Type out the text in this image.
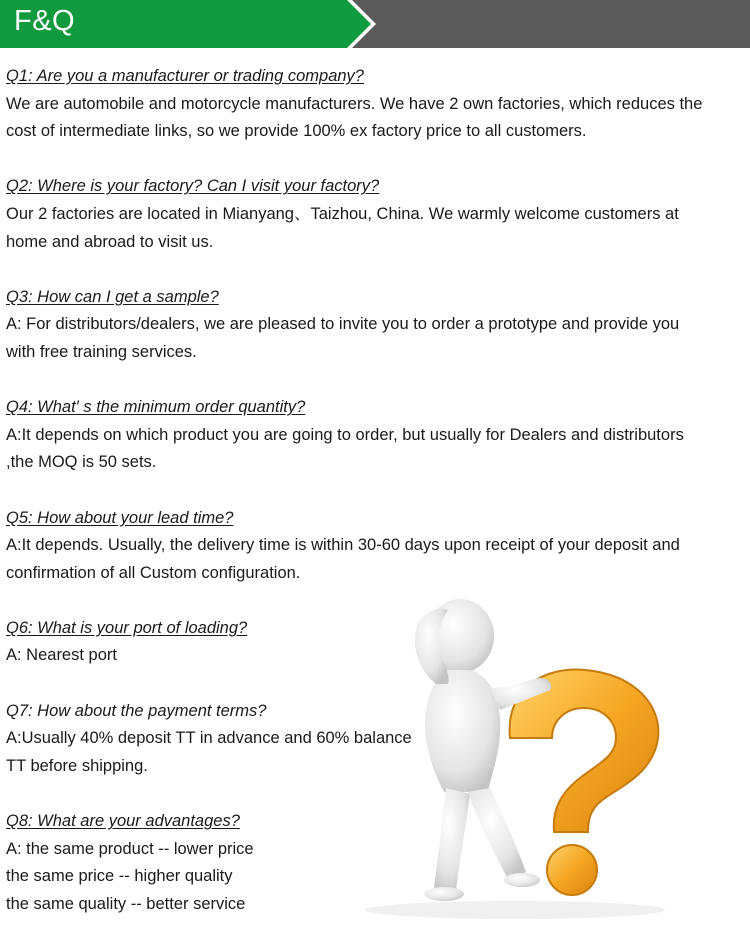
F&Q
Q1: Are you a manufacturer or trading company?
We are automobile and motorcycle manufacturers. We have 2 own factories, which reduces the
cost of intermediate links, so we provide 100% ex factory price to all customers.
Q2: Where is your factory? Can I visit your factory?
Our 2 factories are located in Mianyang、Taizhou, China. We warmly welcome customers at
home and abroad to visit us.
Q3: How can I get a sample?
A: For distributors/dealers, we are pleased to invite you to order a prototype and provide you
with free training services.
Q4: What′ s the minimum order quantity?
A:It depends on which product you are going to order, but usually for Dealers and distributors
,the MOQ is 50 sets.
Q5: How about your lead time?
A:It depends. Usually, the delivery time is within 30-60 days upon receipt of your deposit and
confirmation of all Custom configuration.
Q6: What is your port of loading?
A: Nearest port
Q7: How about the payment terms?
A:Usually 40% deposit TT in advance and 60% balance
TT before shipping.
Q8: What are your advantages?
A: the same product -- lower price
the same price -- higher quality
the same quality -- better service
